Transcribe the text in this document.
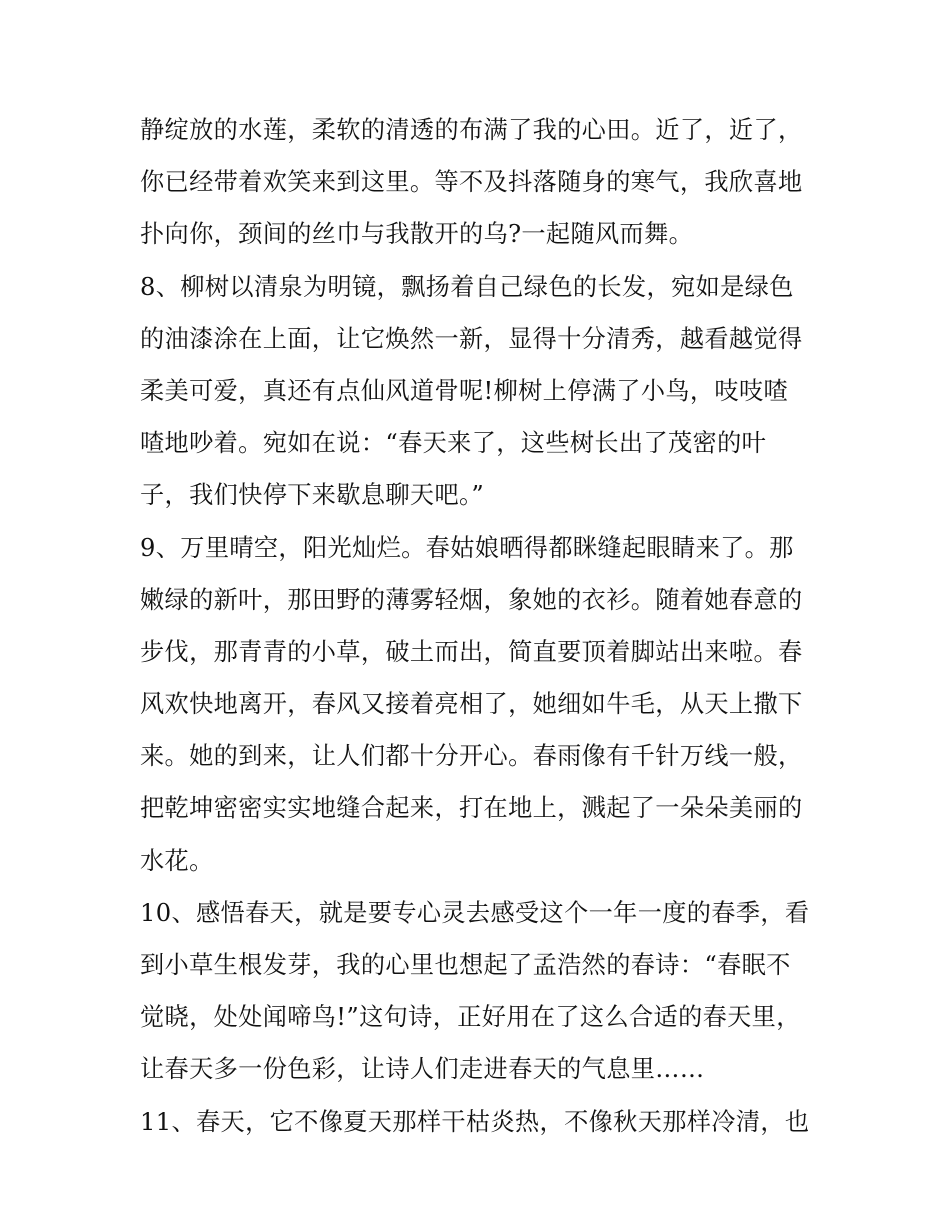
静绽放的水莲，柔软的清透的布满了我的心田。近了，近了，
你已经带着欢笑来到这里。等不及抖落随身的寒气，我欣喜地
扑向你，颈间的丝巾与我散开的乌?一起随风而舞。
8、柳树以清泉为明镜，飘扬着自己绿色的长发，宛如是绿色
的油漆涂在上面，让它焕然一新，显得十分清秀，越看越觉得
柔美可爱，真还有点仙风道骨呢!柳树上停满了小鸟，吱吱喳
喳地吵着。宛如在说：“春天来了，这些树长出了茂密的叶
子，我们快停下来歇息聊天吧。”
9、万里晴空，阳光灿烂。春姑娘晒得都眯缝起眼睛来了。那
嫩绿的新叶，那田野的薄雾轻烟，象她的衣衫。随着她春意的
步伐，那青青的小草，破土而出，简直要顶着脚站出来啦。春
风欢快地离开，春风又接着亮相了，她细如牛毛，从天上撒下
来。她的到来，让人们都十分开心。春雨像有千针万线一般，
把乾坤密密实实地缝合起来，打在地上，溅起了一朵朵美丽的
水花。
10、感悟春天，就是要专心灵去感受这个一年一度的春季，看
到小草生根发芽，我的心里也想起了孟浩然的春诗：“春眠不
觉晓，处处闻啼鸟!”这句诗，正好用在了这么合适的春天里，
让春天多一份色彩，让诗人们走进春天的气息里……
11、春天，它不像夏天那样干枯炎热，不像秋天那样冷清，也
